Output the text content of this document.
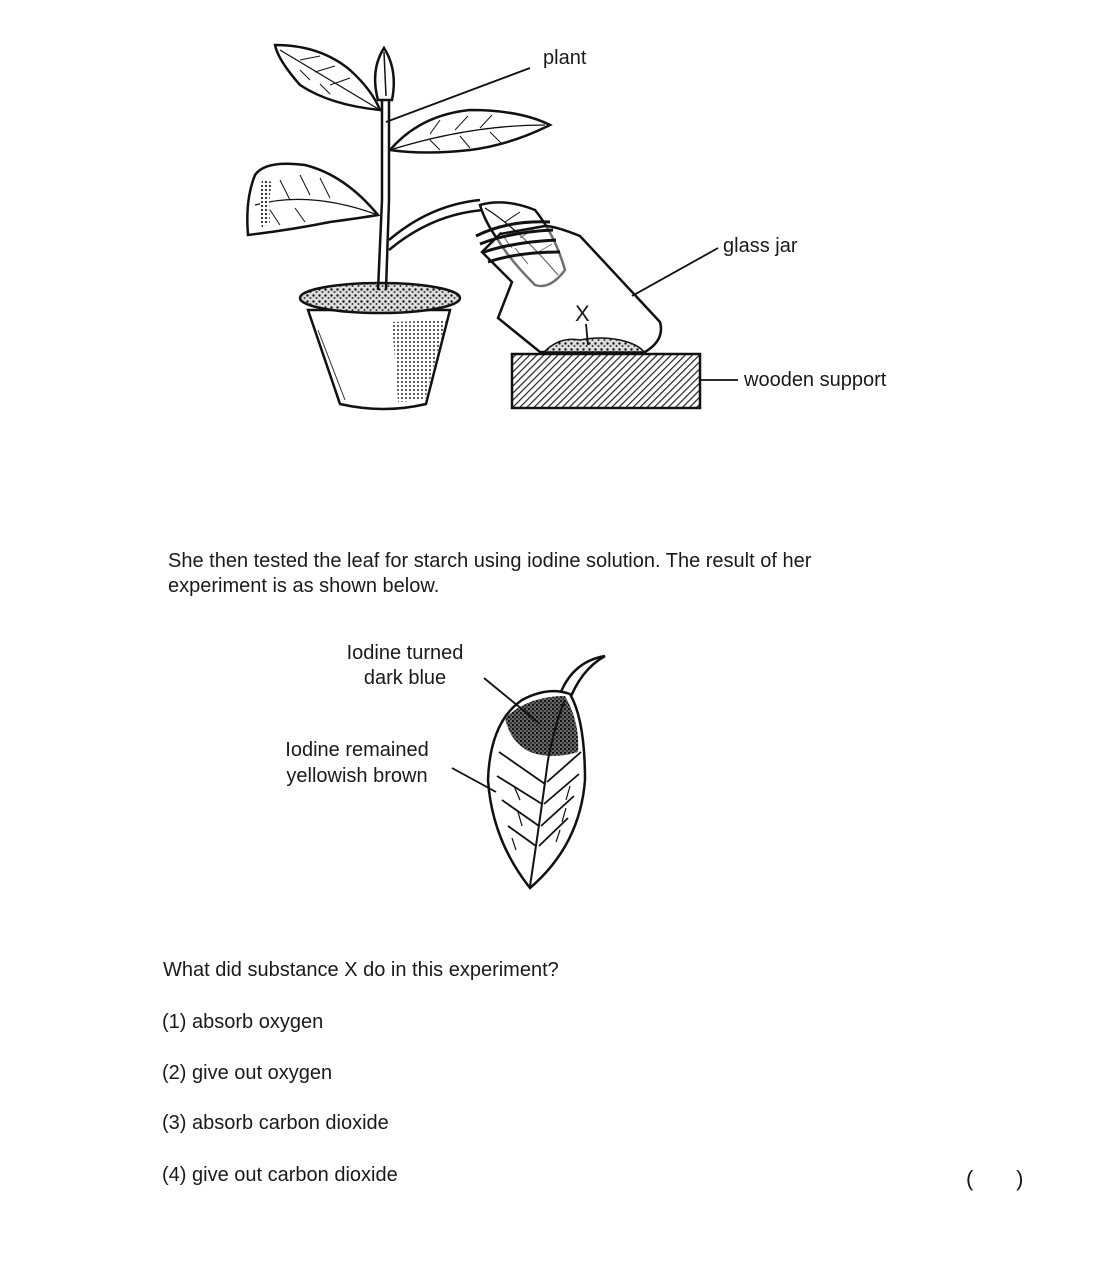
plant
glass jar
X
wooden support
She then tested the leaf for starch using iodine solution. The result of her experiment is as shown below.
Iodine turned
dark blue
Iodine remained
yellowish brown
What did substance X do in this experiment?
(1) absorb oxygen
(2) give out oxygen
(3) absorb carbon dioxide
(4) give out carbon dioxide	(       )
